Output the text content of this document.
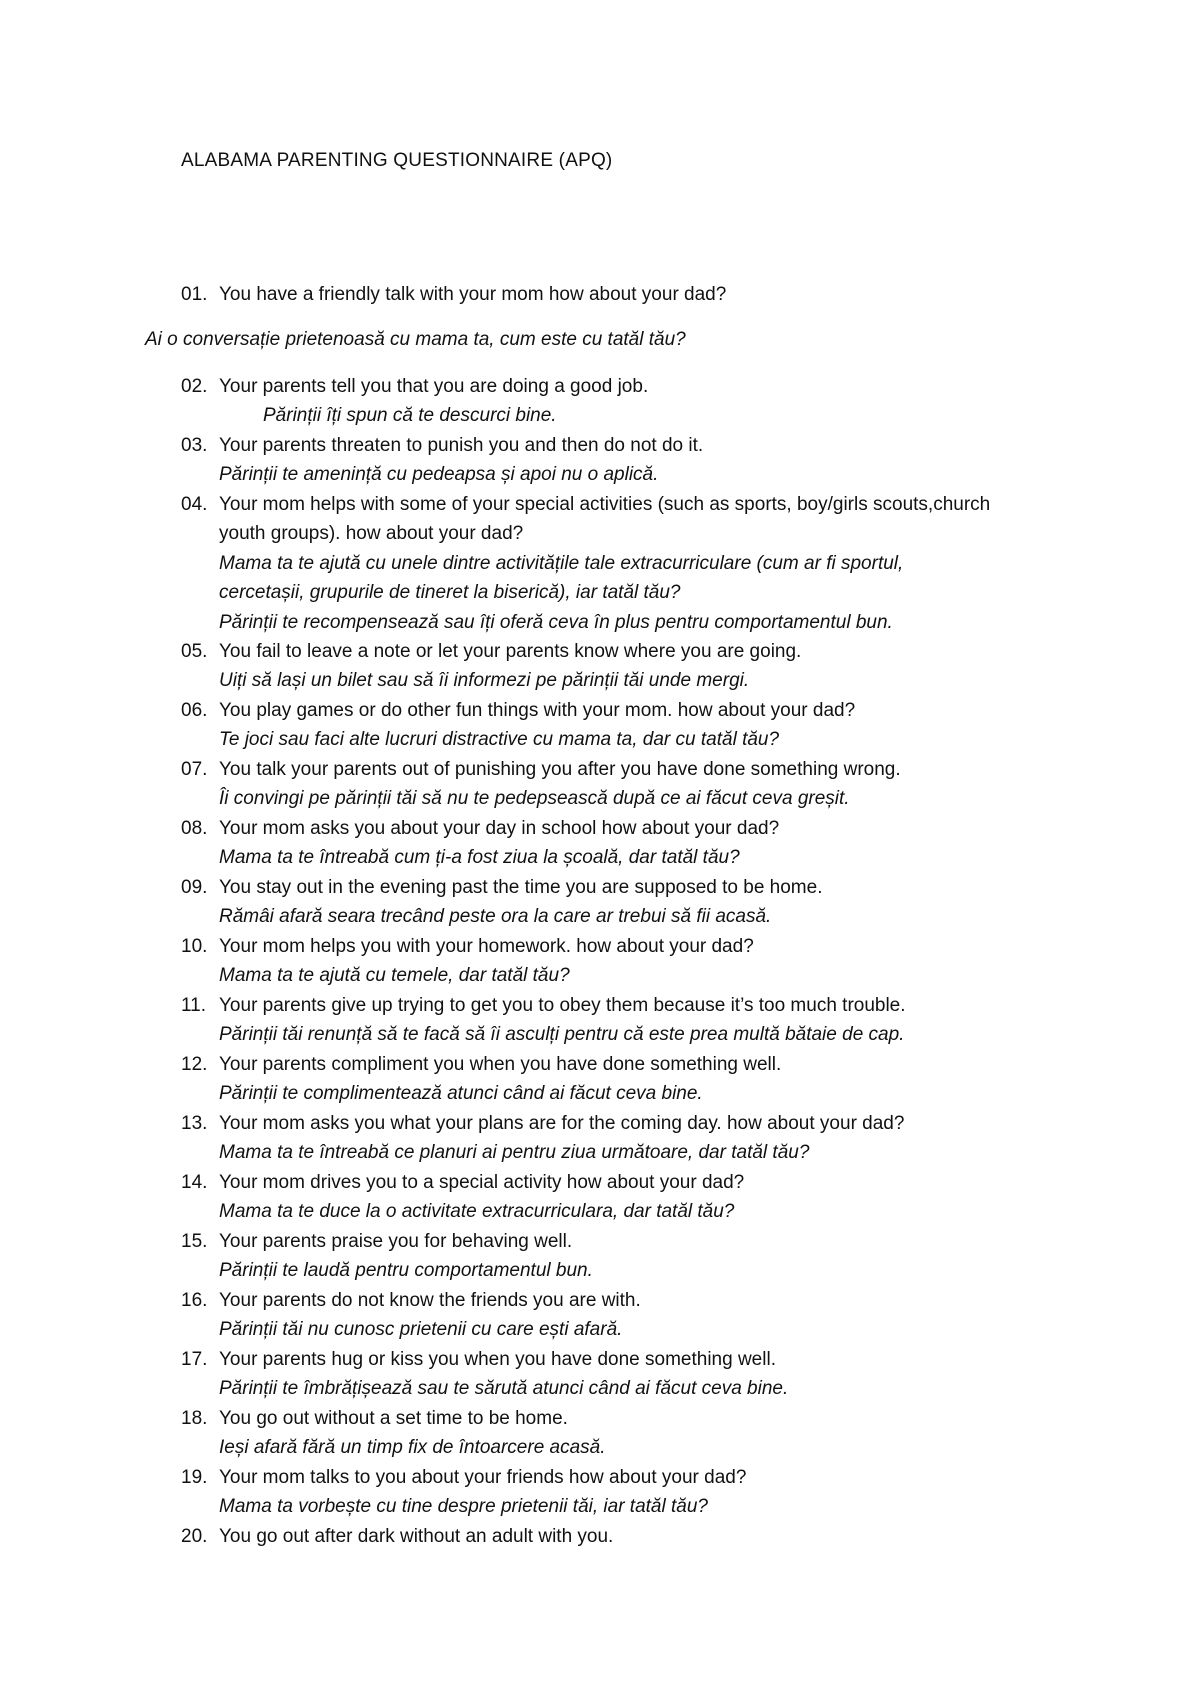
ALABAMA PARENTING QUESTIONNAIRE (APQ)
01. You have a friendly talk with your mom how about your dad?
Ai o conversație prietenoasă cu mama ta, cum este cu tatăl tău?
02. Your parents tell you that you are doing a good job.
Părinții îți spun că te descurci bine.
03. Your parents threaten to punish you and then do not do it.
Părinții te amenință cu pedeapsa și apoi nu o aplică.
04. Your mom helps with some of your special activities (such as sports, boy/girls scouts,church
youth groups). how about your dad?
Mama ta te ajută cu unele dintre activitățile tale extracurriculare (cum ar fi sportul,
cercetașii, grupurile de tineret la biserică), iar tatăl tău?
Părinții te recompensează sau îți oferă ceva în plus pentru comportamentul bun.
05. You fail to leave a note or let your parents know where you are going.
Uiți să lași un bilet sau să îi informezi pe părinții tăi unde mergi.
06. You play games or do other fun things with your mom. how about your dad?
Te joci sau faci alte lucruri distractive cu mama ta, dar cu tatăl tău?
07. You talk your parents out of punishing you after you have done something wrong.
Îi convingi pe părinții tăi să nu te pedepsească după ce ai făcut ceva greșit.
08. Your mom asks you about your day in school how about your dad?
Mama ta te întreabă cum ți-a fost ziua la școală, dar tatăl tău?
09. You stay out in the evening past the time you are supposed to be home.
Rămâi afară seara trecând peste ora la care ar trebui să fii acasă.
10. Your mom helps you with your homework. how about your dad?
Mama ta te ajută cu temele, dar tatăl tău?
11. Your parents give up trying to get you to obey them because it’s too much trouble.
Părinții tăi renunță să te facă să îi asculți pentru că este prea multă bătaie de cap.
12. Your parents compliment you when you have done something well.
Părinții te complimentează atunci când ai făcut ceva bine.
13. Your mom asks you what your plans are for the coming day. how about your dad?
Mama ta te întreabă ce planuri ai pentru ziua următoare, dar tatăl tău?
14. Your mom drives you to a special activity how about your dad?
Mama ta te duce la o activitate extracurriculara, dar tatăl tău?
15. Your parents praise you for behaving well.
Părinții te laudă pentru comportamentul bun.
16. Your parents do not know the friends you are with.
Părinții tăi nu cunosc prietenii cu care ești afară.
17. Your parents hug or kiss you when you have done something well.
Părinții te îmbrățișează sau te sărută atunci când ai făcut ceva bine.
18. You go out without a set time to be home.
Ieși afară fără un timp fix de întoarcere acasă.
19. Your mom talks to you about your friends how about your dad?
Mama ta vorbește cu tine despre prietenii tăi, iar tatăl tău?
20. You go out after dark without an adult with you.
